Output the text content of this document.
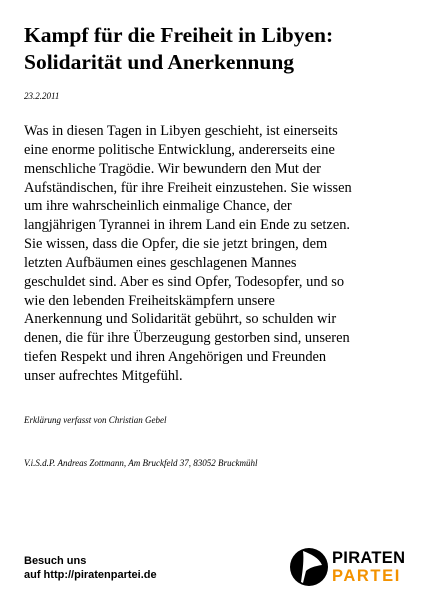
Kampf für die Freiheit in Libyen:
Solidarität und Anerkennung
23.2.2011
Was in diesen Tagen in Libyen geschieht, ist einerseits
eine enorme politische Entwicklung, andererseits eine
menschliche Tragödie. Wir bewundern den Mut der
Aufständischen, für ihre Freiheit einzustehen. Sie wissen
um ihre wahrscheinlich einmalige Chance, der
langjährigen Tyrannei in ihrem Land ein Ende zu setzen.
Sie wissen, dass die Opfer, die sie jetzt bringen, dem
letzten Aufbäumen eines geschlagenen Mannes
geschuldet sind. Aber es sind Opfer, Todesopfer, und so
wie den lebenden Freiheitskämpfern unsere
Anerkennung und Solidarität gebührt, so schulden wir
denen, die für ihre Überzeugung gestorben sind, unseren
tiefen Respekt und ihren Angehörigen und Freunden
unser aufrechtes Mitgefühl.
Erklärung verfasst von Christian Gebel
V.i.S.d.P. Andreas Zottmann, Am Bruckfeld 37, 83052 Bruckmühl
Besuch uns
auf http://piratenpartei.de
PIRATEN
PARTEI
